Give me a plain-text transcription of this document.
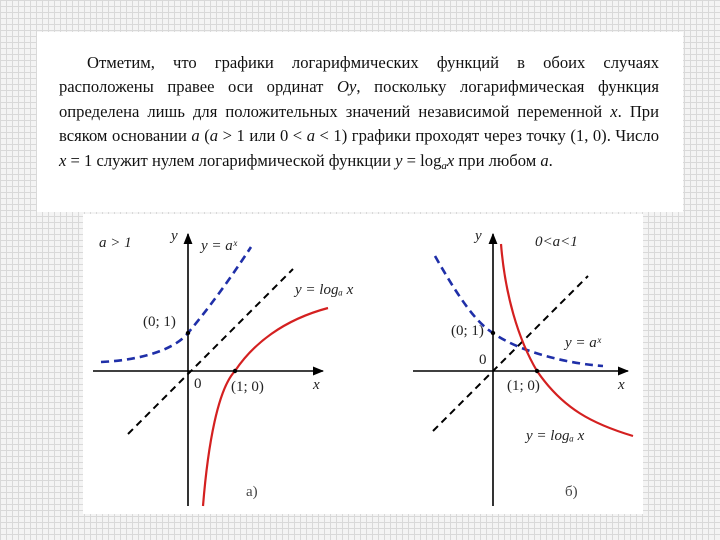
Отметим, что графики логарифмических функций в обоих случаях расположены правее оси ординат Oy, поскольку логарифмическая функция определена лишь для положительных значений независимой переменной x. При всяком основании a (a > 1 или 0 < a < 1) графики проходят через точку (1, 0). Число x = 1 служит нулем логарифмической функции $y = \log_ax$ при любом a.

a > 1	y
x
0
y = aˣ
y = logₐ x
(0; 1)
(1; 0)
а)
0<a<1
y
x
0
y = aˣ
y = logₐ x
(0; 1)
(1; 0)
б)
